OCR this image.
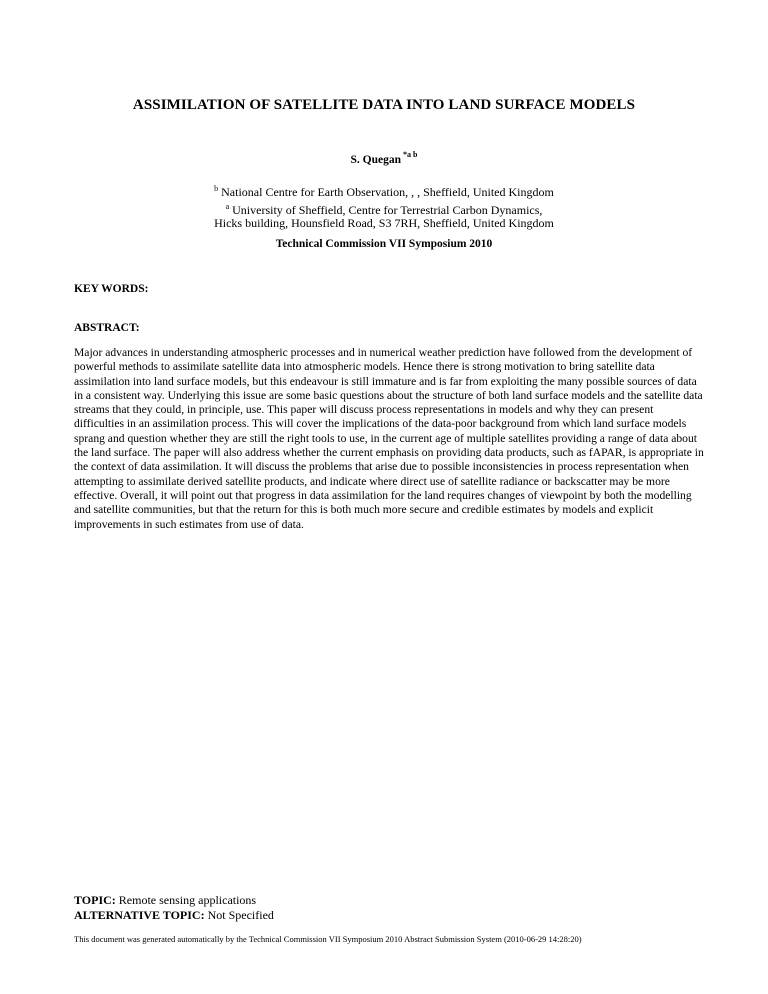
ASSIMILATION OF SATELLITE DATA INTO LAND SURFACE MODELS
S. Quegan $^{*a b}$
$^b$ National Centre for Earth Observation, , , Sheffield, United Kingdom
$^a$ University of Sheffield, Centre for Terrestrial Carbon Dynamics,
Hicks building, Hounsfield Road, S3 7RH, Sheffield, United Kingdom
Technical Commission VII Symposium 2010
KEY WORDS:
ABSTRACT:
Major advances in understanding atmospheric processes and in numerical weather prediction have followed from the development of powerful methods to assimilate satellite data into atmospheric models. Hence there is strong motivation to bring satellite data assimilation into land surface models, but this endeavour is still immature and is far from exploiting the many possible sources of data in a consistent way. Underlying this issue are some basic questions about the structure of both land surface models and the satellite data streams that they could, in principle, use. This paper will discuss process representations in models and why they can present difficulties in an assimilation process. This will cover the implications of the data-poor background from which land surface models sprang and question whether they are still the right tools to use, in the current age of multiple satellites providing a range of data about the land surface. The paper will also address whether the current emphasis on providing data products, such as fAPAR, is appropriate in the context of data assimilation. It will discuss the problems that arise due to possible inconsistencies in process representation when attempting to assimilate derived satellite products, and indicate where direct use of satellite radiance or backscatter may be more effective. Overall, it will point out that progress in data assimilation for the land requires changes of viewpoint by both the modelling and satellite communities, but that the return for this is both much more secure and credible estimates by models and explicit improvements in such estimates from use of data.
TOPIC: Remote sensing applications
ALTERNATIVE TOPIC: Not Specified
This document was generated automatically by the Technical Commission VII Symposium 2010 Abstract Submission System (2010-06-29 14:28:20)
